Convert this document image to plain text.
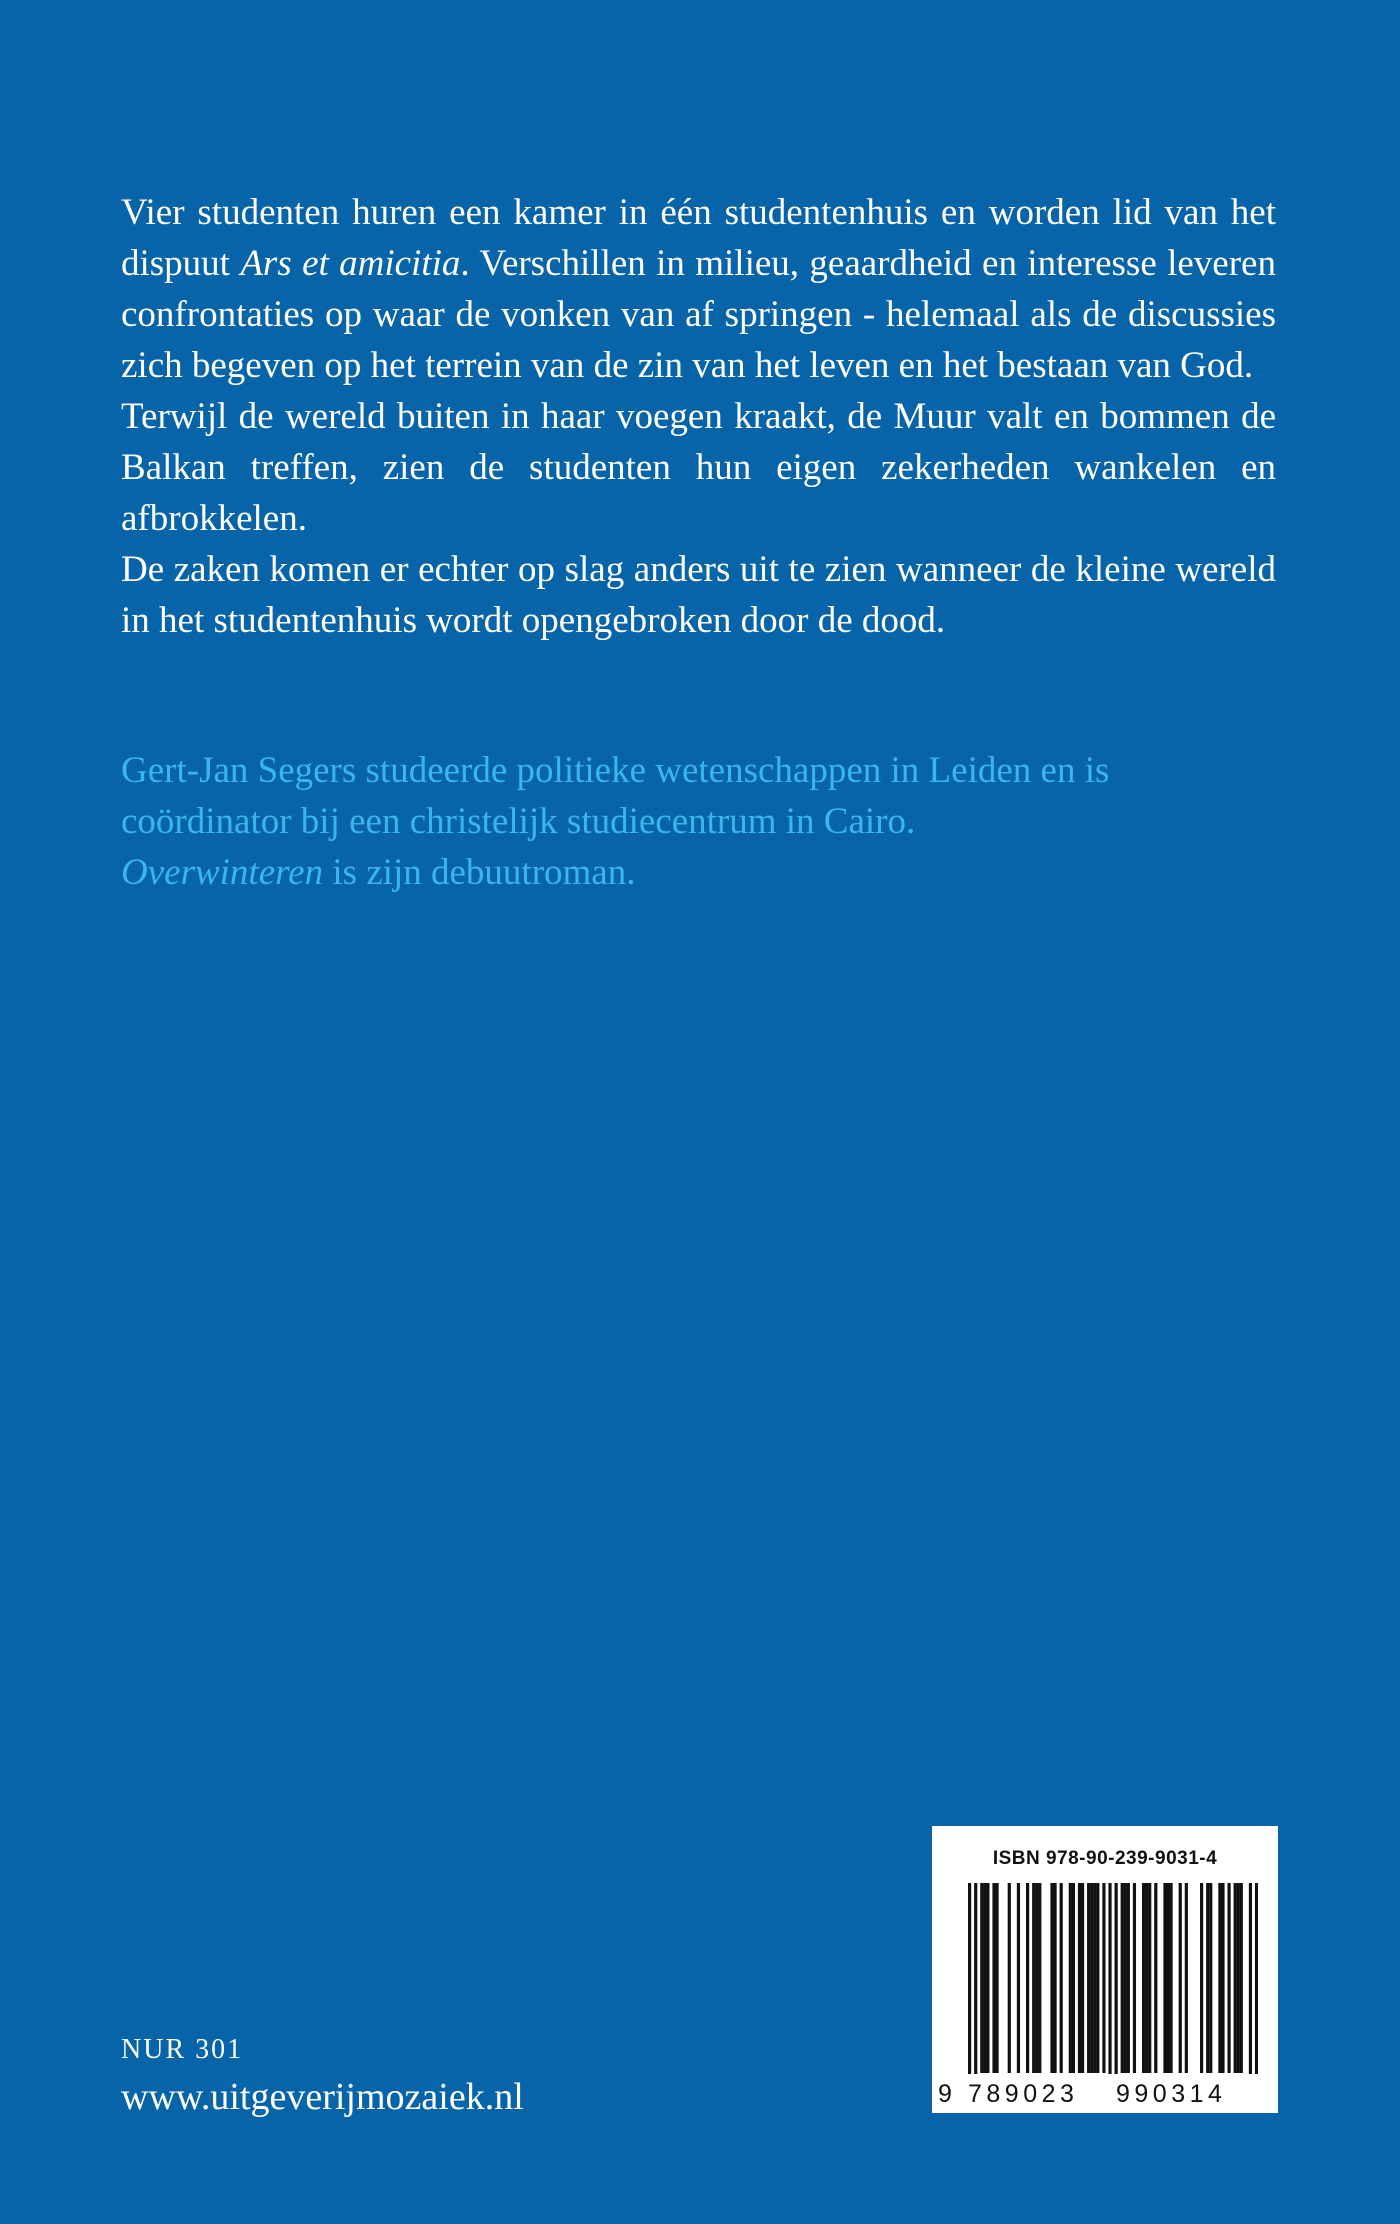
Vier studenten huren een kamer in één studentenhuis en worden lid van het dispuut Ars et amicitia. Verschillen in milieu, geaardheid en interesse leveren confrontaties op waar de vonken van af springen - helemaal als de discussies zich begeven op het terrein van de zin van het leven en het bestaan van God.

Terwijl de wereld buiten in haar voegen kraakt, de Muur valt en bommen de Balkan treffen, zien de studenten hun eigen zekerheden wankelen en afbrokkelen.

De zaken komen er echter op slag anders uit te zien wanneer de kleine wereld in het studentenhuis wordt opengebroken door de dood.

Gert-Jan Segers studeerde politieke wetenschappen in Leiden en is coördinator bij een christelijk studiecentrum in Cairo.

Overwinteren is zijn debuutroman.

NUR 301
www.uitgeverijmozaiek.nl
ISBN 978-90-239-9031-4
9 789023 990314
